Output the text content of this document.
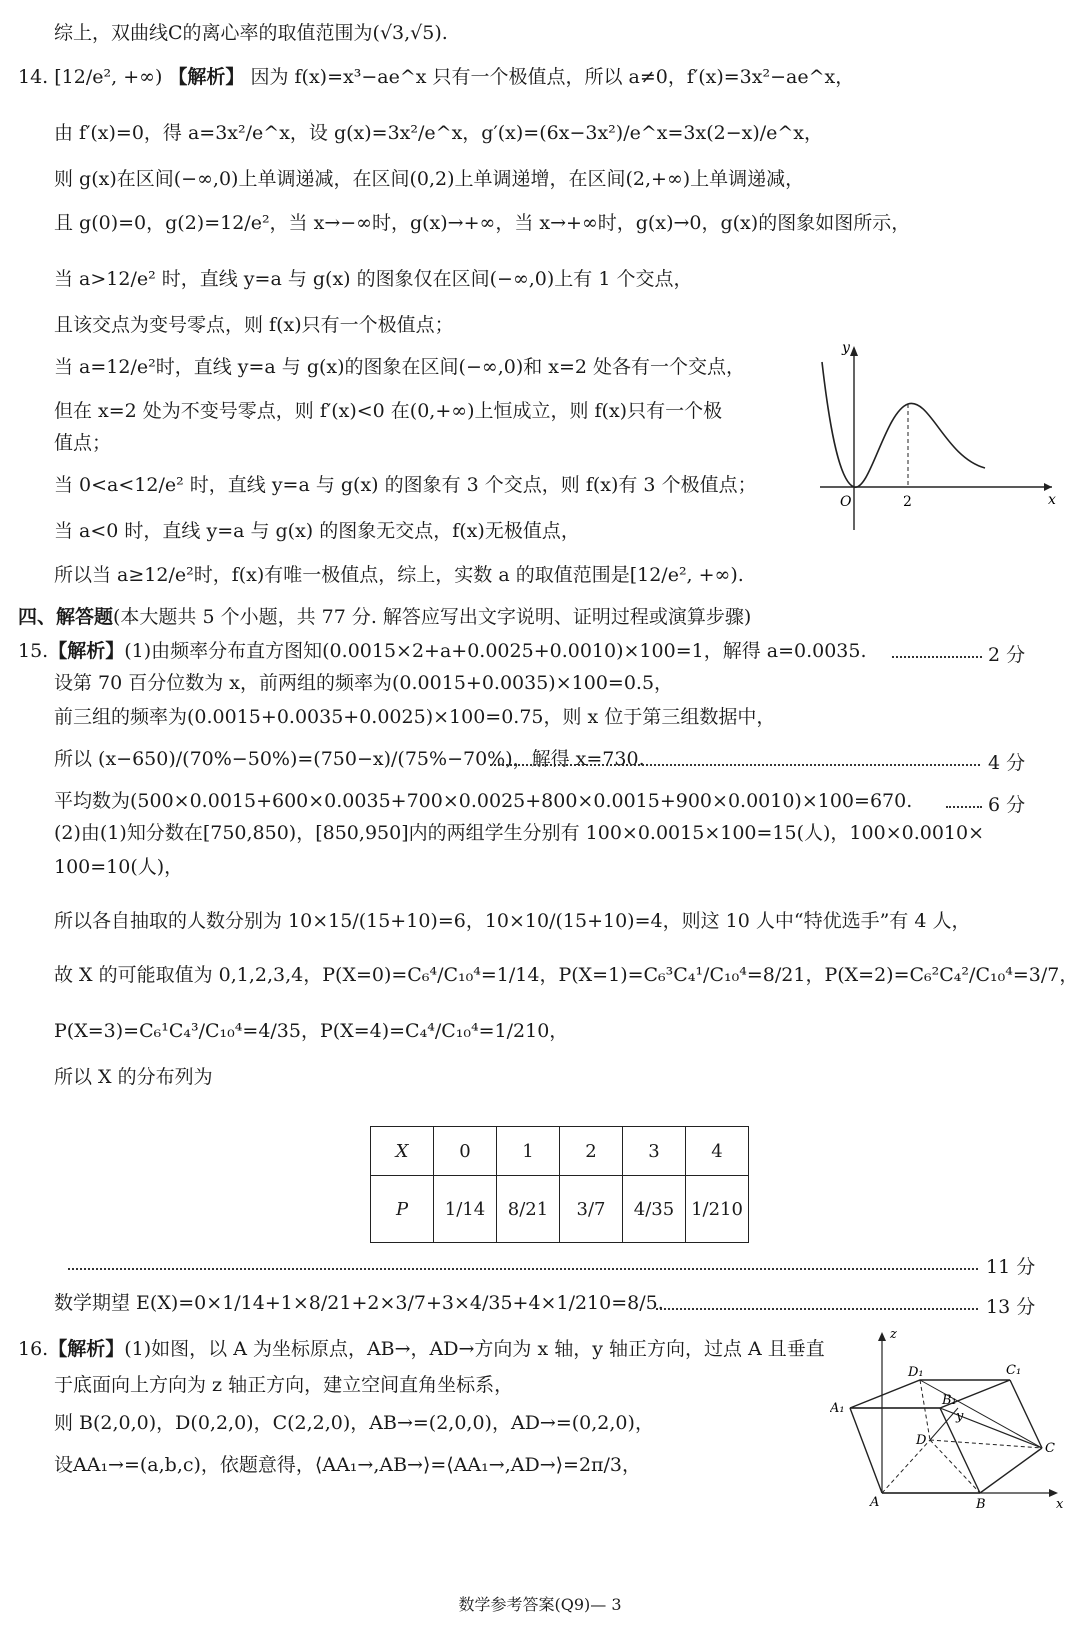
综上，双曲线C的离心率的取值范围为(√3,√5).
14. [12/e², +∞) 【解析】 因为 f(x)=x³−ae^x 只有一个极值点，所以 a≠0，f′(x)=3x²−ae^x，
由 f′(x)=0，得 a=3x²/e^x，设 g(x)=3x²/e^x，g′(x)=(6x−3x²)/e^x=3x(2−x)/e^x，
则 g(x)在区间(−∞,0)上单调递减，在区间(0,2)上单调递增，在区间(2,+∞)上单调递减，
且 g(0)=0，g(2)=12/e²，当 x→−∞时，g(x)→+∞，当 x→+∞时，g(x)→0，g(x)的图象如图所示，
当 a>12/e² 时，直线 y=a 与 g(x) 的图象仅在区间(−∞,0)上有 1 个交点，
且该交点为变号零点，则 f(x)只有一个极值点；
当 a=12/e²时，直线 y=a 与 g(x)的图象在区间(−∞,0)和 x=2 处各有一个交点，
但在 x=2 处为不变号零点，则 f′(x)<0 在(0,+∞)上恒成立，则 f(x)只有一个极
值点；
当 0<a<12/e² 时，直线 y=a 与 g(x) 的图象有 3 个交点，则 f(x)有 3 个极值点；
当 a<0 时，直线 y=a 与 g(x) 的图象无交点，f(x)无极值点，
所以当 a≥12/e²时，f(x)有唯一极值点，综上，实数 a 的取值范围是[12/e², +∞).
y
x
O	2
四、解答题(本大题共 5 个小题，共 77 分. 解答应写出文字说明、证明过程或演算步骤)
15.【解析】(1)由频率分布直方图知(0.0015×2+a+0.0025+0.0010)×100=1，解得 a=0.0035.	2 分
设第 70 百分位数为 x，前两组的频率为(0.0015+0.0035)×100=0.5，
前三组的频率为(0.0015+0.0035+0.0025)×100=0.75，则 x 位于第三组数据中，
所以 (x−650)/(70%−50%)=(750−x)/(75%−70%)，解得 x=730.	4 分
平均数为(500×0.0015+600×0.0035+700×0.0025+800×0.0015+900×0.0010)×100=670.	6 分
(2)由(1)知分数在[750,850)，[850,950]内的两组学生分别有 100×0.0015×100=15(人)，100×0.0010×
100=10(人)，
所以各自抽取的人数分别为 10×15/(15+10)=6，10×10/(15+10)=4，则这 10 人中“特优选手”有 4 人，
故 X 的可能取值为 0,1,2,3,4，P(X=0)=C₆⁴/C₁₀⁴=1/14，P(X=1)=C₆³C₄¹/C₁₀⁴=8/21，P(X=2)=C₆²C₄²/C₁₀⁴=3/7，
P(X=3)=C₆¹C₄³/C₁₀⁴=4/35，P(X=4)=C₄⁴/C₁₀⁴=1/210，
所以 X 的分布列为
X	0	1	2	3	4
P	1/14	8/21	3/7	4/35	1/210
11 分
数学期望 E(X)=0×1/14+1×8/21+2×3/7+3×4/35+4×1/210=8/5.	13 分
16.【解析】(1)如图，以 A 为坐标原点，AB→，AD→方向为 x 轴，y 轴正方向，过点 A 且垂直
于底面向上方向为 z 轴正方向，建立空间直角坐标系，
则 B(2,0,0)，D(0,2,0)，C(2,2,0)，AB→=(2,0,0)，AD→=(0,2,0)，
设AA₁→=(a,b,c)，依题意得，⟨AA₁→,AB→⟩=⟨AA₁→,AD→⟩=2π/3，
z
D₁	C₁
A₁
B₁
D
y
C
A	B	x
数学参考答案(Q9)— 3
